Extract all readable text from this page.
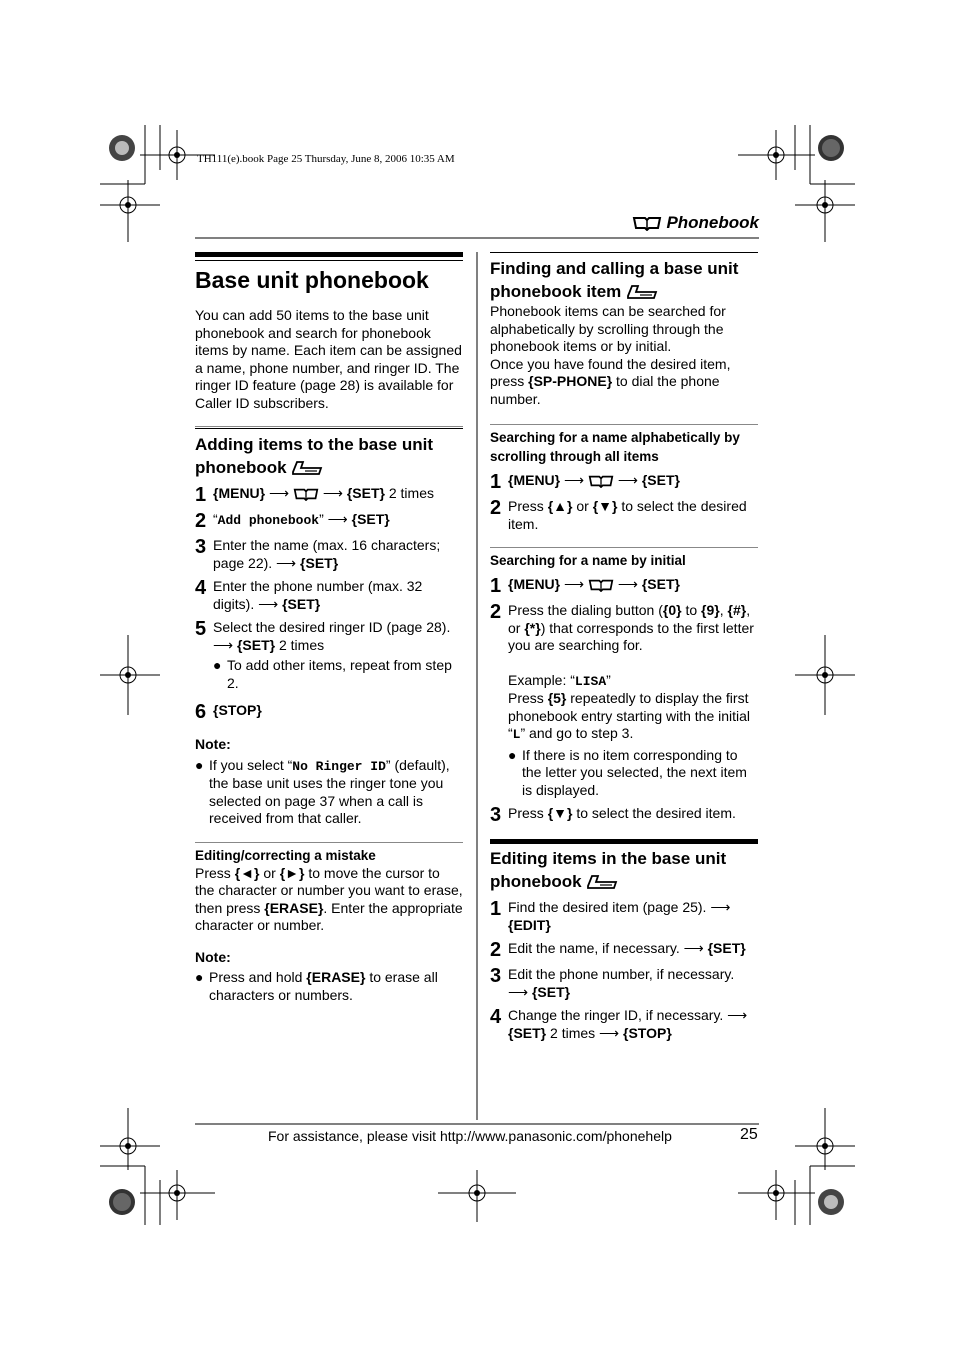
TH111(e).book Page 25 Thursday, June 8, 2006 10:35 AM
Phonebook
Base unit phonebook

You can add 50 items to the base unit phonebook and search for phonebook items by name. Each item can be assigned a name, phone number, and ringer ID. The ringer ID feature (page 28) is available for Caller ID subscribers.

Adding items to the base unit phonebook
1 {MENU} ⟶  ⟶ {SET} 2 times
2 “Add phonebook” ⟶ {SET}
3 Enter the name (max. 16 characters; page 22). ⟶ {SET}
4 Enter the phone number (max. 32 digits). ⟶ {SET}
5 Select the desired ringer ID (page 28).
⟶ {SET} 2 times
● To add other items, repeat from step 2.
6 {STOP}
Note:
● If you select “No Ringer ID” (default), the base unit uses the ringer tone you selected on page 37 when a call is received from that caller.
Editing/correcting a mistake

Press {◄} or {►} to move the cursor to the character or number you want to erase, then press {ERASE}. Enter the appropriate character or number.

Note:
● Press and hold {ERASE} to erase all characters or numbers.
Finding and calling a base unit phonebook item

Phonebook items can be searched for alphabetically by scrolling through the phonebook items or by initial.

Once you have found the desired item, press {SP-PHONE} to dial the phone number.

Searching for a name alphabetically by scrolling through all items
1 {MENU} ⟶  ⟶ {SET}
2 Press {▲} or {▼} to select the desired item.
Searching for a name by initial
1 {MENU} ⟶  ⟶ {SET}
2 Press the dialing button ({0} to {9}, {#}, or {*}) that corresponds to the first letter you are searching for.

Example: “LISA”

Press {5} repeatedly to display the first phonebook entry starting with the initial “L” and go to step 3.

● If there is no item corresponding to the letter you selected, the next item is displayed.
3 Press {▼} to select the desired item.
Editing items in the base unit phonebook
1 Find the desired item (page 25). ⟶
{EDIT}
2 Edit the name, if necessary. ⟶ {SET}
3 Edit the phone number, if necessary.
⟶ {SET}
4 Change the ringer ID, if necessary. ⟶
{SET} 2 times ⟶ {STOP}
For assistance, please visit http://www.panasonic.com/phonehelp	25
